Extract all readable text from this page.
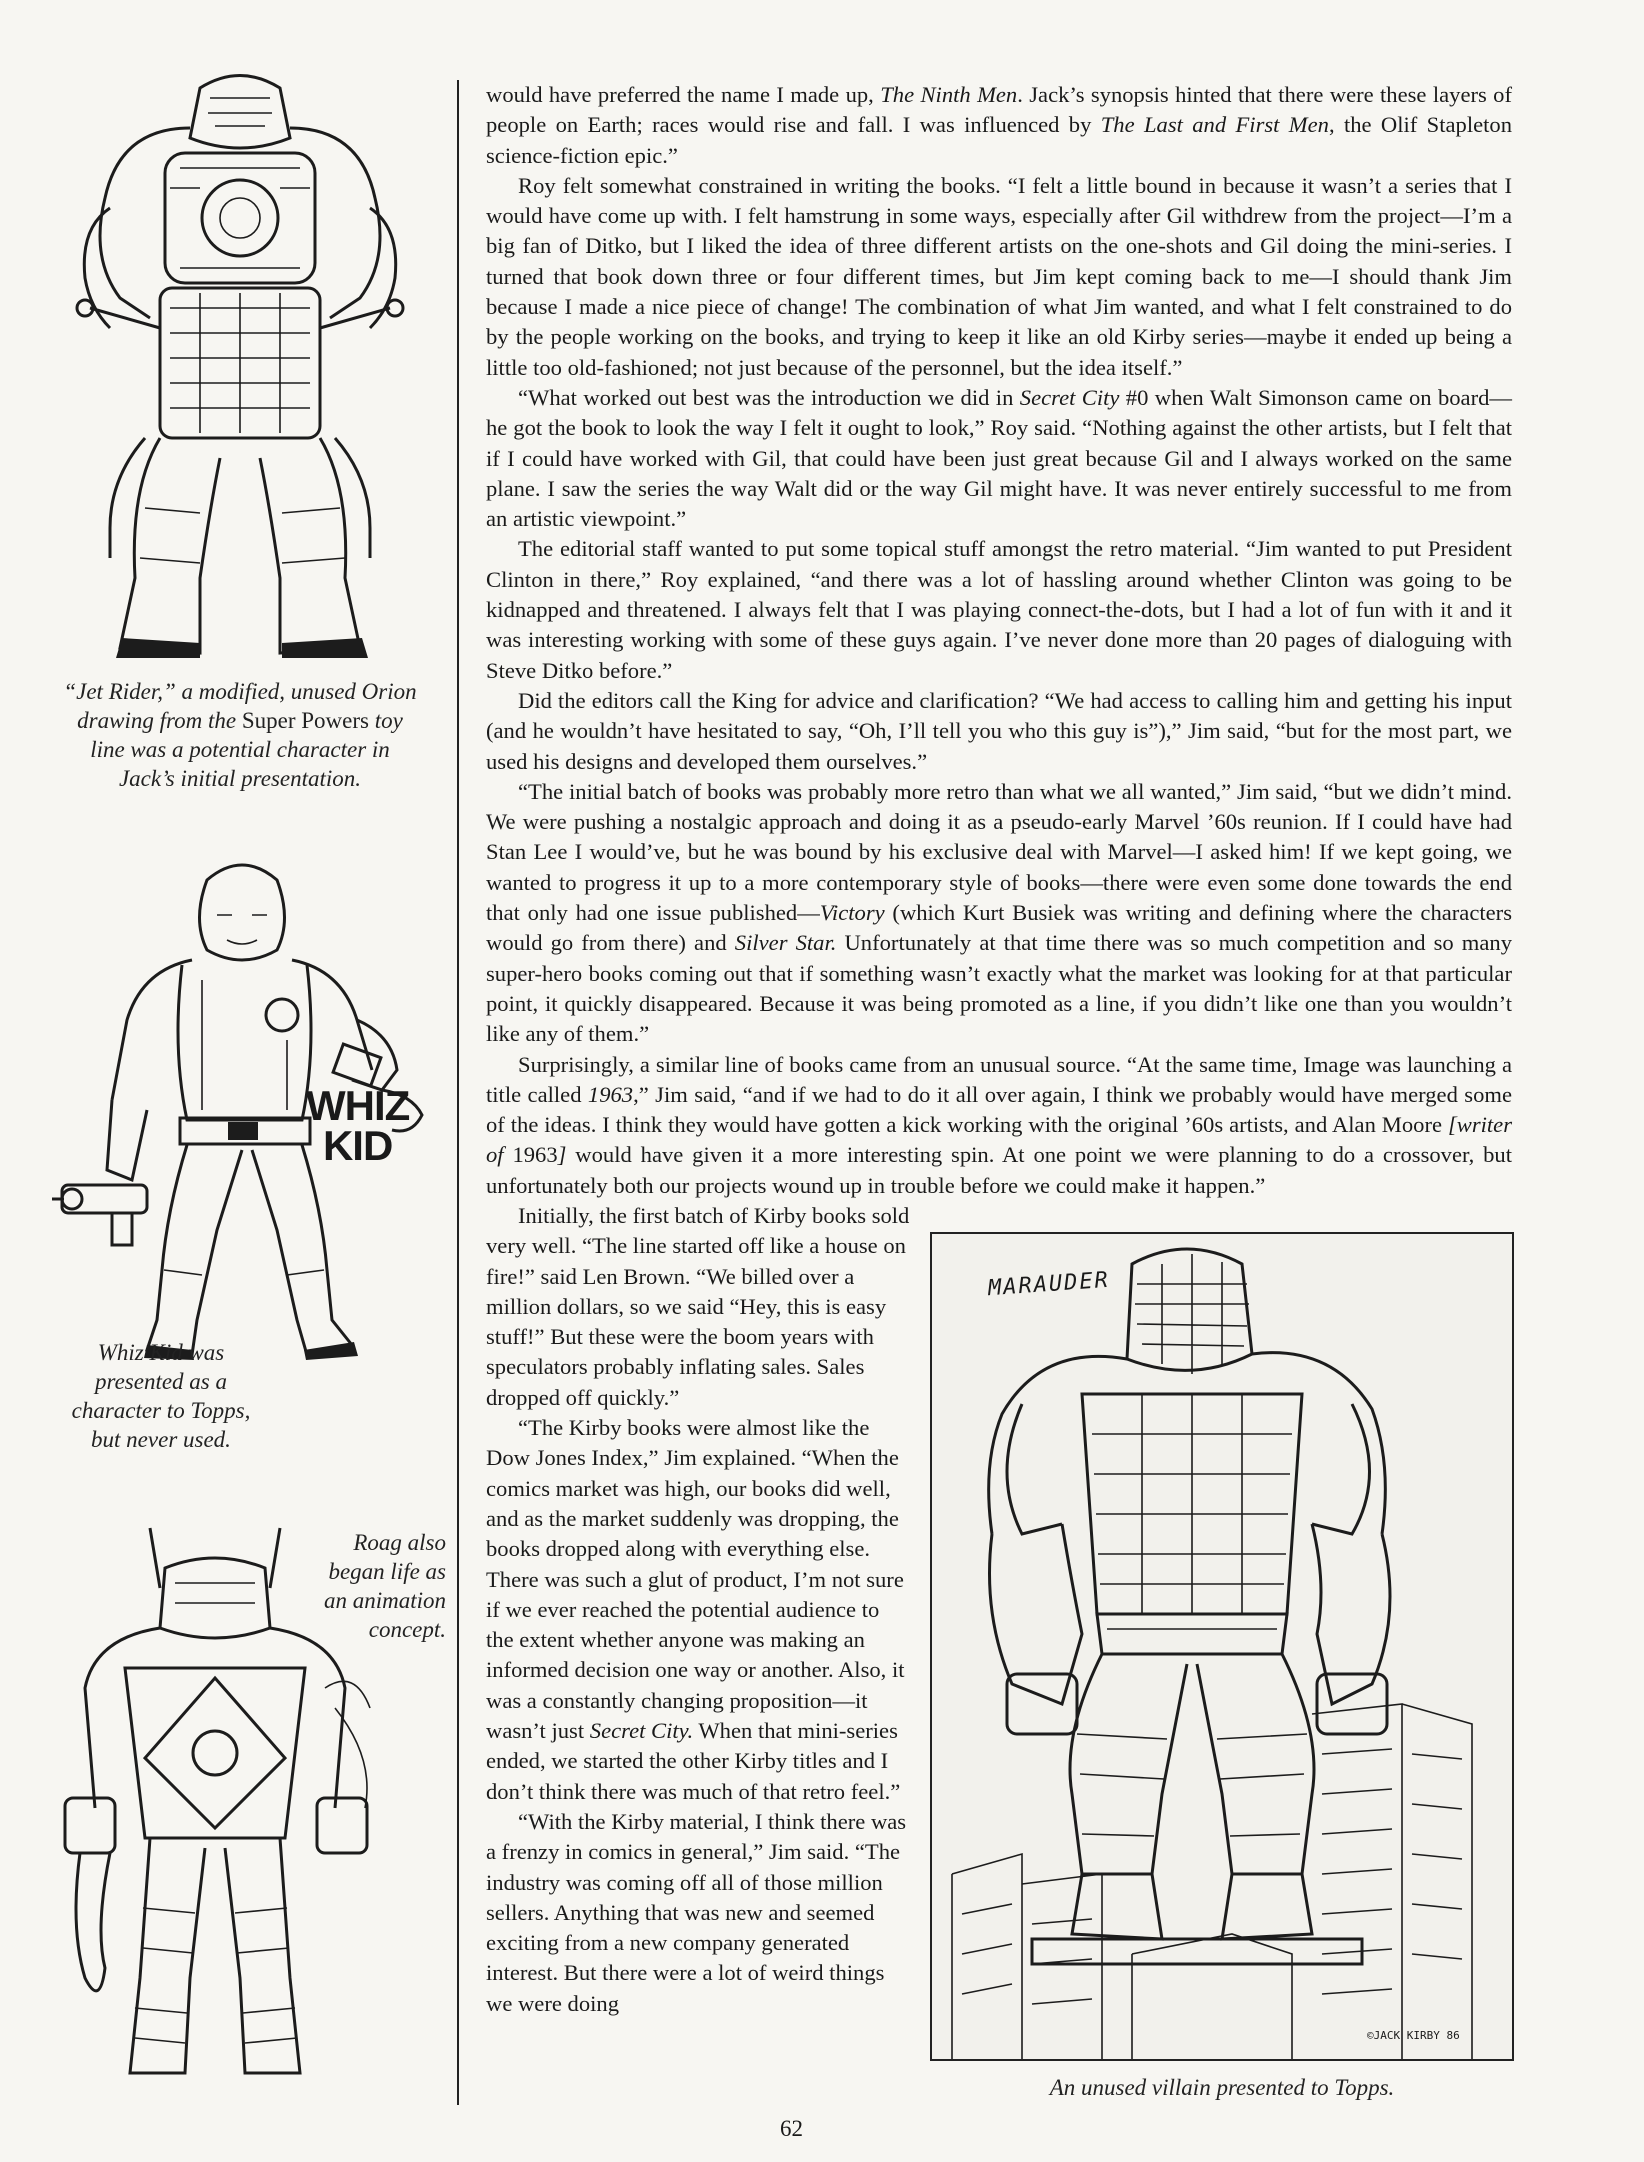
“Jet Rider,” a modified, unused Orion
drawing from the Super Powers toy
line was a potential character in
Jack’s initial presentation.
WHIZ
KID
Whiz Kid was
presented as a
character to Topps,
but never used.
Roag also
began life as
an animation
concept.

would have preferred the name I made up, The Ninth Men. Jack’s synopsis hinted that there were these layers of people on Earth; races would rise and fall. I was influenced by The Last and First Men, the Olif Stapleton science-fiction epic.”

Roy felt somewhat constrained in writing the books. “I felt a little bound in because it wasn’t a series that I would have come up with. I felt hamstrung in some ways, especially after Gil withdrew from the project—I’m a big fan of Ditko, but I liked the idea of three different artists on the one-shots and Gil doing the mini-series. I turned that book down three or four different times, but Jim kept coming back to me—I should thank Jim because I made a nice piece of change! The combination of what Jim wanted, and what I felt constrained to do by the people working on the books, and trying to keep it like an old Kirby series—maybe it ended up being a little too old-fashioned; not just because of the personnel, but the idea itself.”

“What worked out best was the introduction we did in Secret City #0 when Walt Simonson came on board—he got the book to look the way I felt it ought to look,” Roy said. “Nothing against the other artists, but I felt that if I could have worked with Gil, that could have been just great because Gil and I always worked on the same plane. I saw the series the way Walt did or the way Gil might have. It was never entirely successful to me from an artistic viewpoint.”

The editorial staff wanted to put some topical stuff amongst the retro material. “Jim wanted to put President Clinton in there,” Roy explained, “and there was a lot of hassling around whether Clinton was going to be kidnapped and threatened. I always felt that I was playing connect-the-dots, but I had a lot of fun with it and it was interesting working with some of these guys again. I’ve never done more than 20 pages of dialoguing with Steve Ditko before.”

Did the editors call the King for advice and clarification? “We had access to calling him and getting his input (and he wouldn’t have hesitated to say, “Oh, I’ll tell you who this guy is”),” Jim said, “but for the most part, we used his designs and developed them ourselves.”

“The initial batch of books was probably more retro than what we all wanted,” Jim said, “but we didn’t mind. We were pushing a nostalgic approach and doing it as a pseudo-early Marvel ’60s reunion. If I could have had Stan Lee I would’ve, but he was bound by his exclusive deal with Marvel—I asked him! If we kept going, we wanted to progress it up to a more contemporary style of books—there were even some done towards the end that only had one issue published—Victory (which Kurt Busiek was writing and defining where the characters would go from there) and Silver Star. Unfortunately at that time there was so much competition and so many super-hero books coming out that if something wasn’t exactly what the market was looking for at that particular point, it quickly disappeared. Because it was being promoted as a line, if you didn’t like one than you wouldn’t like any of them.”

Surprisingly, a similar line of books came from an unusual source. “At the same time, Image was launching a title called 1963,” Jim said, “and if we had to do it all over again, I think we probably would have merged some of the ideas. I think they would have gotten a kick working with the original ’60s artists, and Alan Moore [writer of 1963] would have given it a more interesting spin. At one point we were planning to do a crossover, but unfortunately both our projects wound up in trouble before we could make it happen.”

Initially, the first batch of Kirby books sold very well. “The line started off like a house on fire!” said Len Brown. “We billed over a million dollars, so we said “Hey, this is easy stuff!” But these were the boom years with speculators probably inflating sales. Sales dropped off quickly.”

“The Kirby books were almost like the Dow Jones Index,” Jim explained. “When the comics market was high, our books did well, and as the market suddenly was dropping, the books dropped along with everything else. There was such a glut of product, I’m not sure if we ever reached the potential audience to the extent whether anyone was making an informed decision one way or another. Also, it was a constantly changing proposition—it wasn’t just Secret City. When that mini-series ended, we started the other Kirby titles and I don’t think there was much of that retro feel.”

“With the Kirby material, I think there was a frenzy in comics in general,” Jim said. “The industry was coming off all of those million sellers. Anything that was new and seemed exciting from a new company generated interest. But there were a lot of weird things we were doing

MARAUDER
©JACK KIRBY 86
An unused villain presented to Topps.
62
